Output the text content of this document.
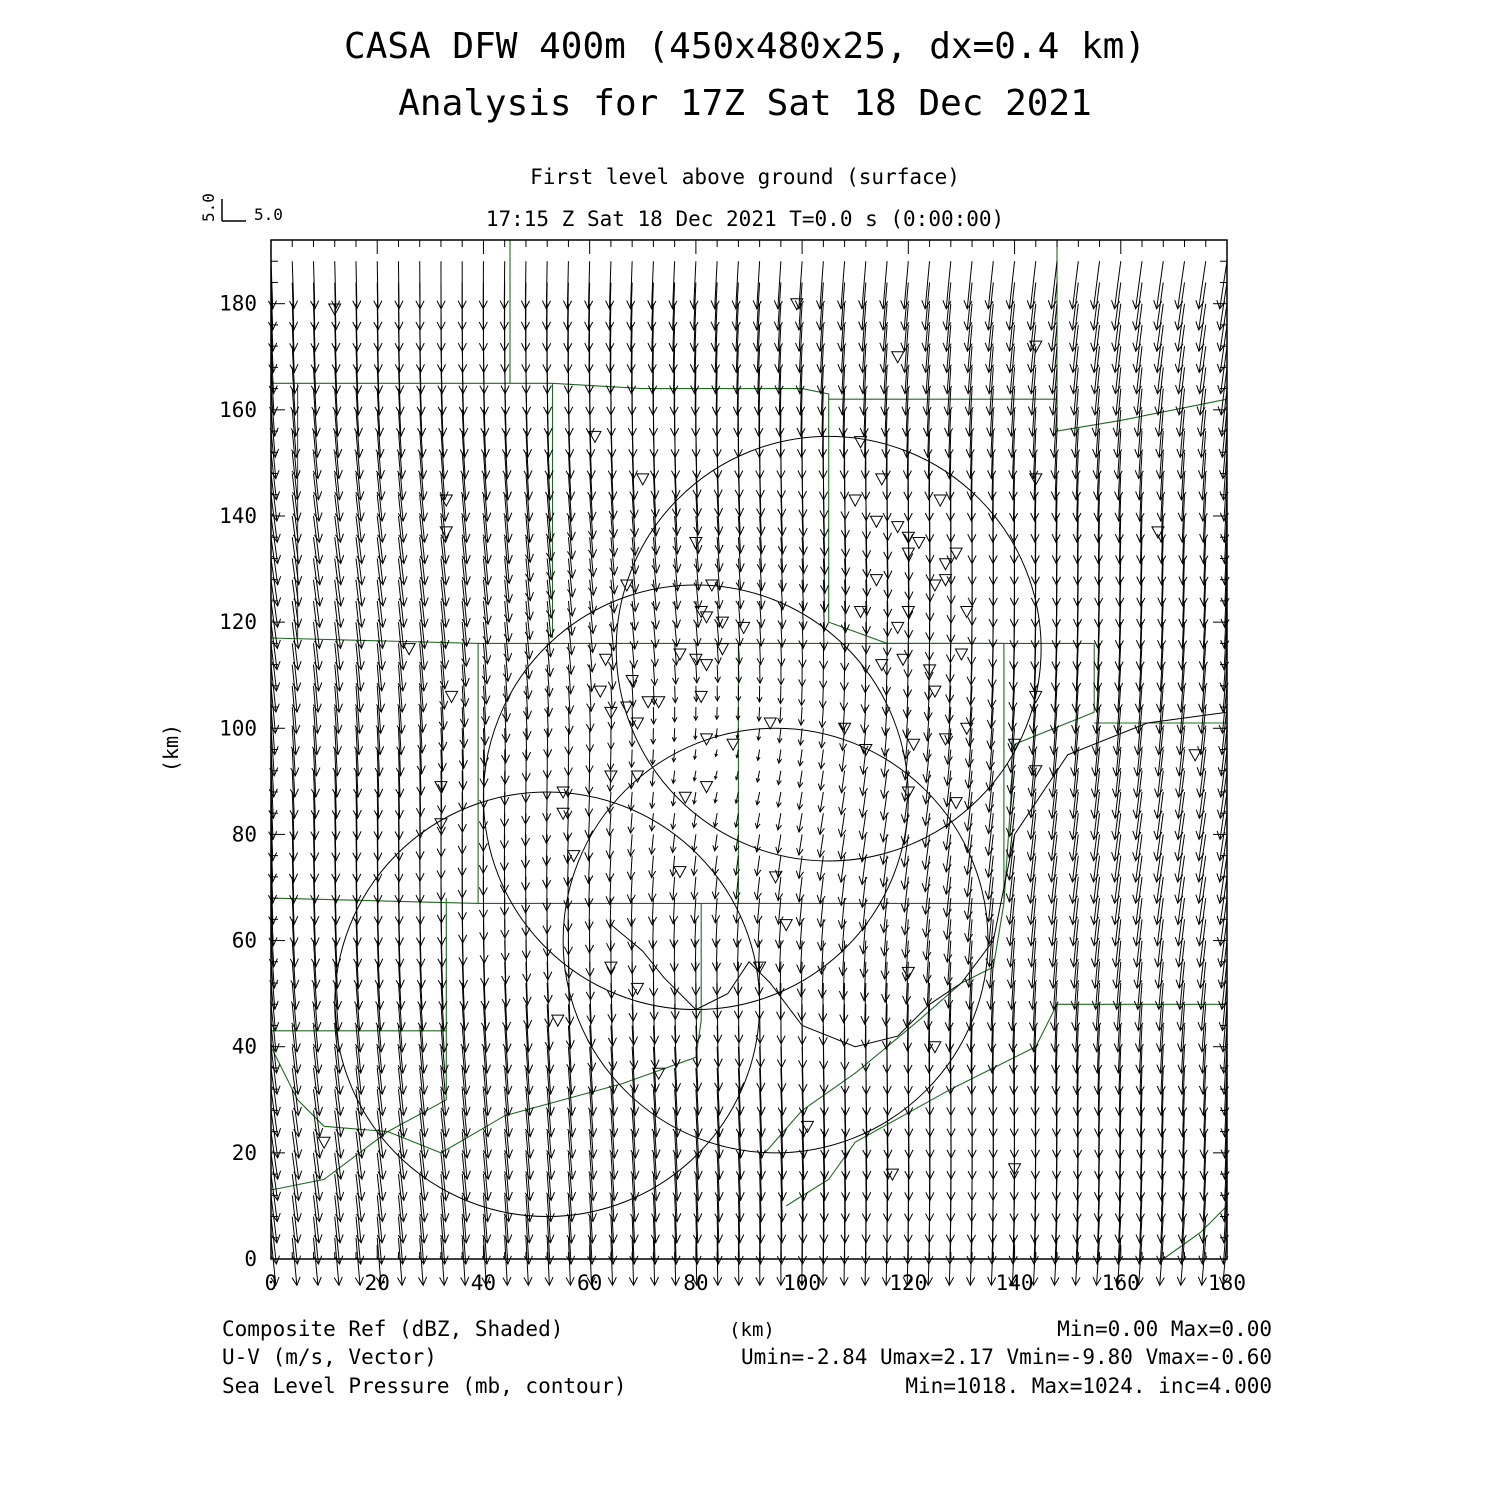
CASA DFW 400m (450x480x25, dx=0.4 km)
Analysis for 17Z Sat 18 Dec 2021
First level above ground (surface)
17:15 Z Sat 18 Dec 2021 T=0.0 s (0:00:00)
5.0
5.0
0	20	40	60	80	100	120	140	160	180
0
20
40
60
80
100
120
140
160
180
(km)
Composite Ref (dBZ, Shaded)	(km)	Min=0.00 Max=0.00
U-V (m/s, Vector)	Umin=-2.84 Umax=2.17 Vmin=-9.80 Vmax=-0.60
Sea Level Pressure (mb, contour)	Min=1018. Max=1024. inc=4.000
